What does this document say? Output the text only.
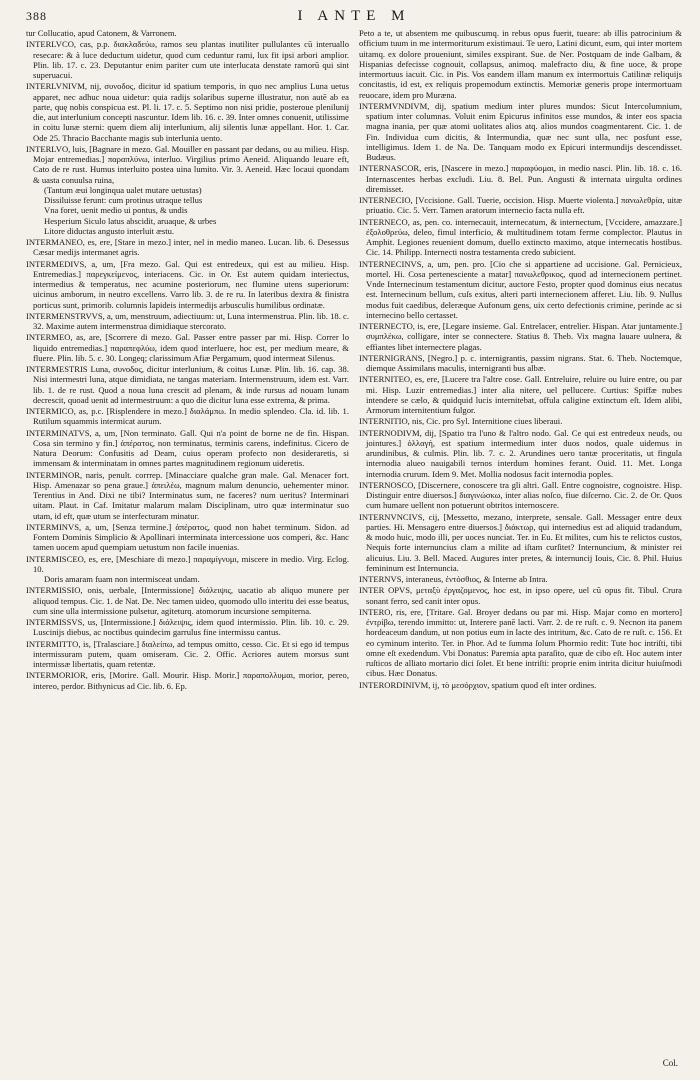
388	I ANTE M

tur Collucatio, apud Catonem, & Varronem.

INTERLVCO, cas, p.p. διακλαδεύω, ramos seu plantas inutiliter pullulantes cū interuallo resecare: & à luce deductum uidetur, quod cum ceduntur rami, lux fit ipsi arbori amplior. Plin. lib. 17. c. 23. Deputantur enim pariter cum ute interlucata denstate ramorū qui sint superuacui.

INTERLVNIVM, nij, συνοδος, dicitur id spatium temporis, in quo nec amplius Luna uetus apparet, nec adhuc noua uidetur: quia radijs solaribus superne illustratur, non autē ab ea parte, quę nobis conspicua est. Pl. li. 17. c. 5. Septimo non nisi pridie, posteroue plenilunij die, aut interlunium concepti nascuntur. Idem lib. 16. c. 39. Inter omnes conuenit, utilissime in coitu lunæ sterni: quem diem alij interlunium, alij silentis lunæ appellant. Hor. 1. Car. Ode 25. Thracio Bacchante magis sub interlunia uento.

INTERLVO, luis, [Bagnare in mezo. Gal. Mouiller en passant par dedans, ou au milieu. Hisp. Mojar entremedias.] παραπλύνω, interluo. Virgilius primo Aeneid. Aliquando leuare eft, Cato de re rust. Humus interluito postea uina lumito. Vir. 3. Aeneid. Hæc locaui quondam & uasta conuulsa ruina,

(Tantum æui longinqua ualet mutare uetustas)

Dissiluisse ferunt: cum protinus utraque tellus

Vna foret, uenit medio ui pontus, & undis

Hesperium Siculo latus abscidit, aruaque, & urbes

Litore diductas angusto interluit æstu.

INTERMANEO, es, ere, [Stare in mezo.] inter, nel in medio maneo. Lucan. lib. 6. Desessus Cæsar medijs intermanet agris.

INTERMEDIVS, a, um, [Fra mezo. Gal. Qui est entredeux, qui est au milieu. Hisp. Entremedias.] παρεγκείμενος, interiacens. Cic. in Or. Est autem quidam interiectus, intermedius & temperatus, nec acumine posteriorum, nec flumine utens superiorum: uicinus amborum, in neutro excellens. Varro lib. 3. de re ru. In lateribus dextra & finistra porticus sunt, primorib. columnis lapideis intermedijs arbusculis humilibus ordinatæ.

INTERMENSTRVVS, a, um, menstruum, adiectiuum: ut, Luna intermenstrua. Plin. lib. 18. c. 32. Maxime autem intermenstrua dimidiaque stercorato.

INTERMEO, as, are, [Scorrere di mezo. Gal. Passer entre passer par mi. Hisp. Correr lo liquido entremedias.] παραπεφλύω, idem quod interluere, hoc est, per medium meare, & fluere. Plin. lib. 5. c. 30. Longeq; clarissimum Afiæ Pergamum, quod intermeat Silenus.

INTERMESTRIS Luna, συνοδος, dicitur interlunium, & coitus Lunæ. Plin. lib. 16. cap. 38. Nisi intermestri luna, atque dimidiata, ne tangas materiam. Intermenstruum, idem est. Varr. lib. 1. de re rust. Quod a noua luna crescit ad plenam, & inde rursus ad nouam lunam decrescit, quoad uenit ad intermestruum: a quo die dicitur luna esse extrema, & prima.

INTERMICO, as, p.c. [Risplendere in mezo.] διαλάμπω. In medio splendeo. Cla. id. lib. 1. Rutilum squammis intermicat aurum.

INTERMINATVS, a, um, [Non terminato. Gall. Qui n'a point de borne ne de fin. Hispan. Cosa sin termino y fin.] ἀπέρατος, non terminatus, terminis carens, indefinitus. Cicero de Natura Deorum: Confusitis ad Deam, cuius operam profecto non desideraretis, si immensam & interminatam in omnes partes magnitudinem regionum uideretis.

INTERMINOR, naris, penult. corrrep. [Minacciare qualche gran male. Gal. Menacer fort. Hisp. Amenazar so pena graue.] ἀπειλέω, magnum malum denuncio, uehementer minor. Terentius in And. Dixi ne tibi? Interminatus sum, ne faceres? num ueritus? Interminari uitam. Plaut. in Caf. Imitatur malarum malam Disciplinam, utro quæ interminatur suo utam, id eft, quæ utum se interfecturam minatur.

INTERMINVS, a, um, [Senza termine.] ἀπέρατος, quod non habet terminum. Sidon. ad Fontem Dominis Simplicio & Apollinari interminata intercessione uos comperi, &c. Hanc tamen uocem apud quempiam uetustum non facile inuenias.

INTERMISCEO, es, ere, [Meschiare di mezo.] παραμίγνυμι, miscere in medio. Virg. Eclog. 10.

Doris amaram fuam non intermisceat undam.

INTERMISSIO, onis, uerbale, [Intermissione] διάλειψις, uacatio ab aliquo munere per aliquod tempus. Cic. 1. de Nat. De. Nec tamen uideo, quomodo ullo interitu dei esse beatus, cum sine ulla intermissione pulsetur, agiteturq. atomorum incursione sempiterna.

INTERMISSVS, us, [Intermissione.] διάλειψις, idem quod intermissio. Plin. lib. 10. c. 29. Luscinijs diebus, ac noctibus quindecim garrulus fine intermissu cantus.

INTERMITTO, is, [Tralasciare.] διαλείπω, ad tempus omitto, cesso. Cic. Et si ego id tempus intermissuram putem, quam omiseram. Cic. 2. Offic. Acriores autem morsus sunt intermissæ libertatis, quam retentæ.

INTERMORIOR, eris, [Morire. Gall. Mourir. Hisp. Morir.] παραπολλυμαι, morior, pereo, intereo, perdor. Bithynicus ad Cic. lib. 6. Ep.

Peto a te, ut absentem me quibuscumq. in rebus opus fuerit, tueare: ab illis patrocinium & officium tuum in me intermoriturum existimaui. Te uero, Latini dicunt, eum, qui inter mortem uitamq. ex dolore proueniunt, similes exspirant. Sue. de Ner. Postquam de inde Galbam, & Hispanias defecisse cognouit, collapsus, animoq. malefracto diu, & fine uoce, & prope intermortuus iacuit. Cic. in Pis. Vos eandem illam manum ex intermortuis Catilinæ reliquijs concitastis, id est, ex reliquis propemodum extinctis. Memoriæ generis prope intermortuam reuocare, idem pro Muræna.

INTERMVNDIVM, dij, spatium medium inter plures mundos: Sicut Intercolumnium, spatium inter columnas. Voluit enim Epicurus infinitos esse mundos, & inter eos spacia magna inania, per quæ atomi uolitates alios atq. alios mundos coagmentarent. Cic. 1. de Fin. Individua cum dicitis, & Intermundia, quæ nec sunt ulla, nec posfunt esse, intelligimus. Idem 1. de Na. De. Tanquam modo ex Epicuri intermundijs descendisset. Budæus.

INTERNASCOR, eris, [Nascere in mezo.] παραφύομαι, in medio nasci. Plin. lib. 18. c. 16. Internascentes herbas excludi. Liu. 8. Bel. Pun. Angusti & internata uirgulta ordines diremisset.

INTERNECIO, [Vccisione. Gall. Tuerie, occision. Hisp. Muerte violenta.] πανωλεθρία, uitæ priuatio. Cic. 5. Verr. Tamen aratorum internecio facta nulla eft.

INTERNECO, as, pen. co. internecauit, internecatum, & internectum, [Vccidere, amazzare.] ἐξολοθρεύω, deleo, fimul interficio, & multitudinem totam ferme complector. Plautus in Amphit. Legiones reuenient domum, duello extincto maximo, atque internecatis hostibus. Cic. 14. Philipp. Internecti nostra testamenta credo subicient.

INTERNECINVS, a, um, pen. pro. [Cio che si appartiene ad uccisione. Gal. Pernicieux, mortel. Hi. Cosa pertenesciente a matar] πανωλεθρικος, quod ad internecionem pertinet. Vnde Internecinum testamentum dicitur, auctore Festo, propter quod dominus eius necatus est. Internecinum bellum, cuſs exitus, alteri parti internecionem afferet. Liu. lib. 9. Nullus modus fuit caedibus, deleræque Aufonum gens, uix certo defectionis crimine, perinde ac si internecino bello certasset.

INTERNECTO, is, ere, [Legare insieme. Gal. Entrelacer, entrelier. Hispan. Atar juntamente.] συμπλέκω, colligare, inter se connectere. Statius 8. Theb. Vix magna lauare uulnera, & effiantes libet internectere plagas.

INTERNIGRANS, [Negro.] p. c. internigrantis, passim nigrans. Stat. 6. Theb. Noctemque, diemque Assimilans maculis, internigranti bus albæ.

INTERNITEO, es, ere, [Lucere tra l'altre cose. Gall. Entreluire, reluire ou luire entre, ou par mi. Hisp. Luzir entremedias.] inter alia nitere, uel pellucere. Curtius: Spiffæ nubes intendere se cælo, & quidquid lucis internitebat, offula caligine extinctum eſt. Idem alibi, Armorum internitentium fulgor.

INTERNITIO, nis, Cic. pro Syl. Internitione ciues liberaui.

INTERNODIVM, dij, [Spatio tra l'uno & l'altro nodo. Gal. Ce qui est entredeux neuds, ou jointures.] ὀλλαγή, est spatium intermedium inter duos nodos, quale uidemus in arundinibus, & culmis. Plin. lib. 7. c. 2. Arundines uero tantæ proceritatis, ut fingula internodia alueo nauigabili ternos interdum homines ferant. Ouid. 11. Met. Longa internodia crurum. Idem 9. Met. Mollia nodosus facit internodia poples.

INTERNOSCO, [Discernere, conoscere tra gli altri. Gall. Entre cognoistre, cognoistre. Hisp. Distinguir entre diuersos.] διαγινώσκω, inter alias noſco, fiue diſcerno. Cic. 2. de Or. Quos cum humare uellent non potuerunt obtritos internoscere.

INTERNVNCIVS, cij, [Messetto, mezano, interprete, sensale. Gall. Messager entre deux parties. Hi. Mensagero entre diuersos.] διάκτωρ, qui internedius est ad aliquid tradandum, & modo huic, modo illi, per uoces nunciat. Ter. in Eu. Et milites, cum his te relictos custos, Nequis forte internuncius clam a milite ad iſtam curſitet? Internuncium, & minister rei alicuius. Liu. 3. Bell. Maced. Augures inter pretes, & internuncij Iouis, Cic. 8. Phil. Huius femininum est Internuncia.

INTERNVS, interaneus, ἐντόσθιος, & Interne ab Intra.

INTER OPVS, μεταξὺ ἐργαζομενος, hoc est, in ipso opere, uel cũ opus fit. Tibul. Crura sonant ferro, sed canit inter opus.

INTERO, ris, ere, [Tritare. Gal. Broyer dedans ou par mi. Hisp. Majar como en mortero] ἐντρίβω, terendo immitto: ut, Interere panē lacti. Varr. 2. de re ruſt. c. 9. Necnon ita panem hordeaceum dandum, ut non potius eum in lacte des intritum, &c. Cato de re ruſt. c. 156. Et eo cyminum interito. Ter. in Phor. Ad te ſumma ſolum Phormio redit: Tute hoc intriſti, tibi omne eſt exedendum. Vbi Donatus: Paremia apta paraſito, quæ de cibo eſt. Hoc autem inter ruſticos de alliato mortario dici ſolet. Et bene intriſti: proprie enim intrita dicitur huiuſmodi cibus. Hæc Donatus.

INTERORDINIVM, ij, τὸ μεσόρχιον, spatium quod eſt inter ordines.

Col.
